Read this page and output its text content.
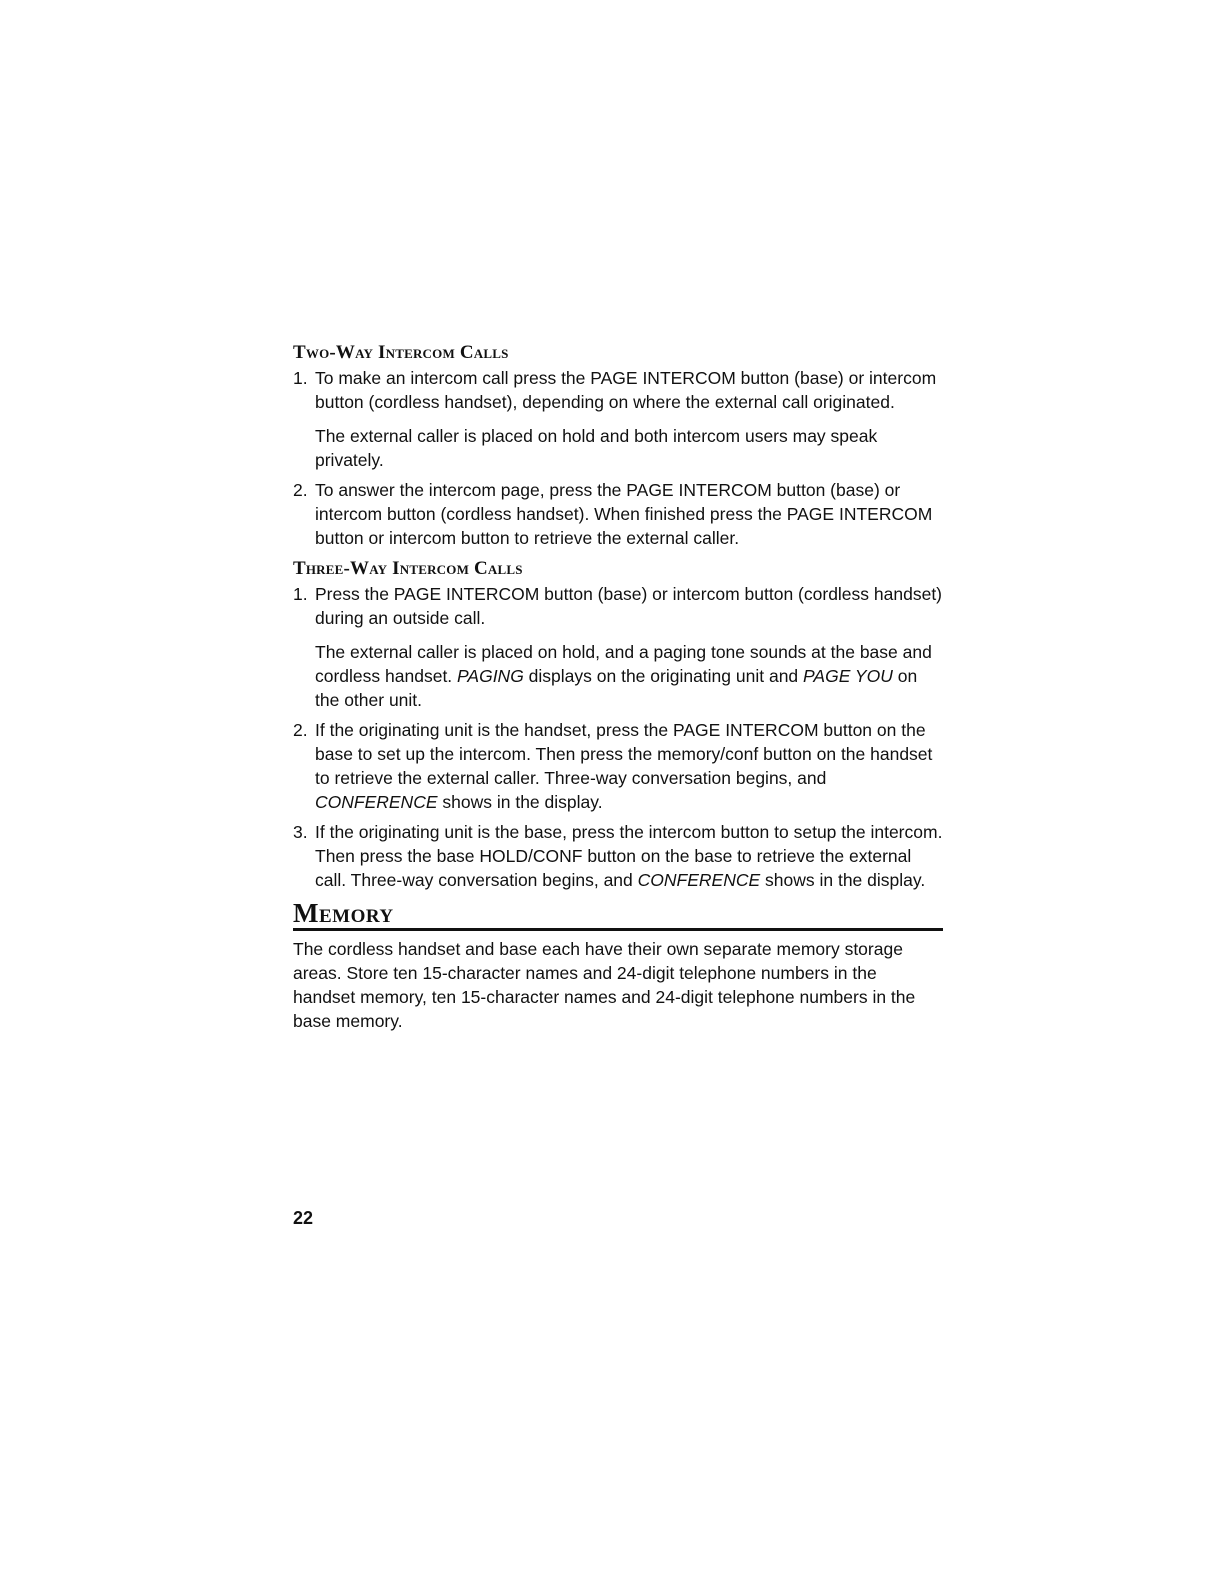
Two-Way Intercom Calls
1. To make an intercom call press the PAGE INTERCOM button (base) or intercom button (cordless handset), depending on where the external call originated.

The external caller is placed on hold and both intercom users may speak privately.

2. To answer the intercom page, press the PAGE INTERCOM button (base) or intercom button (cordless handset). When finished press the PAGE INTERCOM button or intercom button to retrieve the external caller.

Three-Way Intercom Calls
1. Press the PAGE INTERCOM button (base) or intercom button (cordless handset) during an outside call.

The external caller is placed on hold, and a paging tone sounds at the base and cordless handset. PAGING displays on the originating unit and PAGE YOU on the other unit.

2. If the originating unit is the handset, press the PAGE INTERCOM button on the base to set up the intercom. Then press the memory/conf button on the handset to retrieve the external caller. Three-way conversation begins, and CONFERENCE shows in the display.

3. If the originating unit is the base, press the intercom button to setup the intercom. Then press the base HOLD/CONF button on the base to retrieve the external call. Three-way conversation begins, and CONFERENCE shows in the display.

Memory

The cordless handset and base each have their own separate memory storage areas. Store ten 15-character names and 24-digit telephone numbers in the handset memory, ten 15-character names and 24-digit telephone numbers in the base memory.

22
